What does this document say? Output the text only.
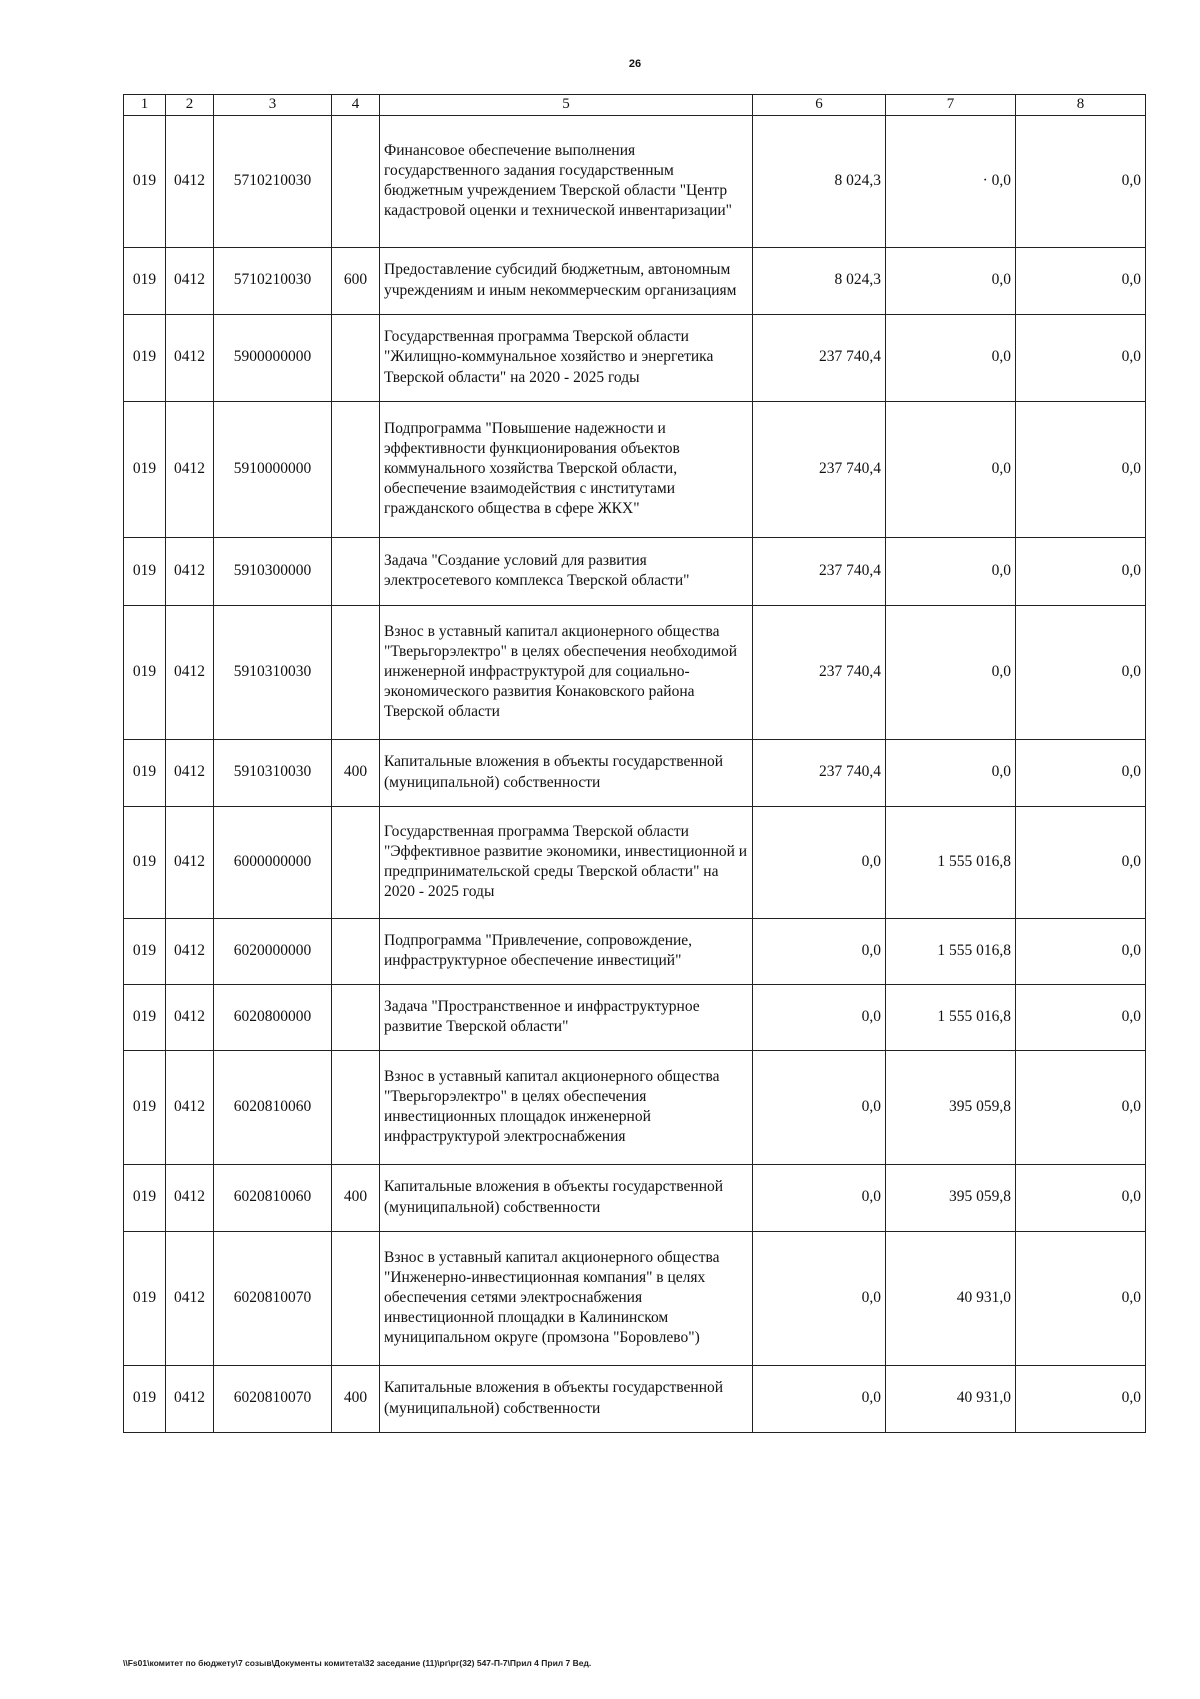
26
1	2	3	4	5	6	7	8
019	0412	5710210030		Финансовое обеспечение выполнения государственного задания государственным бюджетным учреждением Тверской области "Центр кадастровой оценки и технической инвентаризации"	8 024,3	· 0,0	0,0
019	0412	5710210030	600	Предоставление субсидий бюджетным, автономным учреждениям и иным некоммерческим организациям	8 024,3	0,0	0,0
019	0412	5900000000		Государственная программа Тверской области "Жилищно-коммунальное хозяйство и энергетика Тверской области" на 2020 - 2025 годы	237 740,4	0,0	0,0
019	0412	5910000000		Подпрограмма "Повышение надежности и эффективности функционирования объектов коммунального хозяйства Тверской области, обеспечение взаимодействия с институтами гражданского общества в сфере ЖКХ"	237 740,4	0,0	0,0
019	0412	5910300000		Задача "Создание условий для развития электросетевого комплекса Тверской области"	237 740,4	0,0	0,0
019	0412	5910310030		Взнос в уставный капитал акционерного общества "Тверьгорэлектро" в целях обеспечения необходимой инженерной инфраструктурой для социально-экономического развития Конаковского района Тверской области	237 740,4	0,0	0,0
019	0412	5910310030	400	Капитальные вложения в объекты государственной (муниципальной) собственности	237 740,4	0,0	0,0
019	0412	6000000000		Государственная программа Тверской области "Эффективное развитие экономики, инвестиционной и предпринимательской среды Тверской области" на 2020 - 2025 годы	0,0	1 555 016,8	0,0
019	0412	6020000000		Подпрограмма "Привлечение, сопровождение, инфраструктурное обеспечение инвестиций"	0,0	1 555 016,8	0,0
019	0412	6020800000		Задача "Пространственное и инфраструктурное развитие Тверской области"	0,0	1 555 016,8	0,0
019	0412	6020810060		Взнос в уставный капитал акционерного общества "Тверьгорэлектро" в целях обеспечения инвестиционных площадок инженерной инфраструктурой электроснабжения	0,0	395 059,8	0,0
019	0412	6020810060	400	Капитальные вложения в объекты государственной (муниципальной) собственности	0,0	395 059,8	0,0
019	0412	6020810070		Взнос в уставный капитал акционерного общества "Инженерно-инвестиционная компания" в целях обеспечения сетями электроснабжения инвестиционной площадки в Калининском муниципальном округе (промзона "Боровлево")	0,0	40 931,0	0,0
019	0412	6020810070	400	Капитальные вложения в объекты государственной (муниципальной) собственности	0,0	40 931,0	0,0
\\Fs01\комитет по бюджету\7 созыв\Документы комитета\32 заседание (11)\рг\рг(32) 547-П-7\Прил 4 Прил 7 Вед.
